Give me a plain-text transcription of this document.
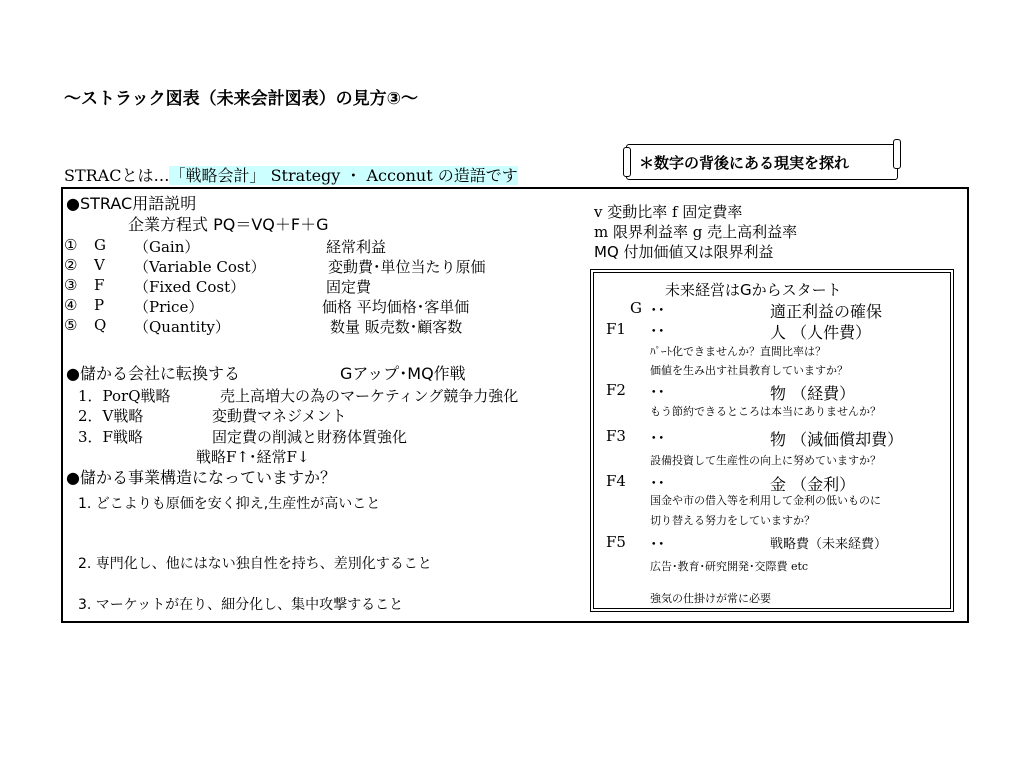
～ストラック図表（未来会計図表）の見方③～
＊数字の背後にある現実を探れ
STRACとは…「戦略会計」 Strategy ・ Acconut の造語です
●STRAC用語説明
企業方程式 PQ＝VQ＋F＋G
① G （Gain）	経常利益
② V （Variable Cost）	変動費･単位当たり原価
③ F （Fixed Cost）	固定費
④ P （Price）	価格 平均価格･客単価
⑤ Q （Quantity）	数量 販売数･顧客数
●儲かる会社に転換する	Gアップ･MQ作戦
1．PorQ戦略	売上高増大の為のマーケティング競争力強化
2．V戦略	変動費マネジメント
3．F戦略	固定費の削減と財務体質強化
戦略F↑･経常F↓
●儲かる事業構造になっていますか？
1. どこよりも原価を安く抑え,生産性が高いこと
2. 専門化し、他にはない独自性を持ち、差別化すること
3. マーケットが在り、細分化し、集中攻撃すること
v 変動比率 f 固定費率
m 限界利益率 g 売上高利益率
MQ 付加価値又は限界利益
未来経営はGからスタート
G ･･	適正利益の確保
F1 ･･	人 （人件費）
ﾊﾟｰﾄ化できませんか？直間比率は？
価値を生み出す社員教育していますか？
F2 ･･	物 （経費）
もう節約できるところは本当にありませんか？
F3 ･･	物 （減価償却費）
設備投資して生産性の向上に努めていますか？
F4 ･･	金 （金利）
国金や市の借入等を利用して金利の低いものに
切り替える努力をしていますか？
F5 ･･	戦略費（未来経費）
広告･教育･研究開発･交際費 etc
強気の仕掛けが常に必要
